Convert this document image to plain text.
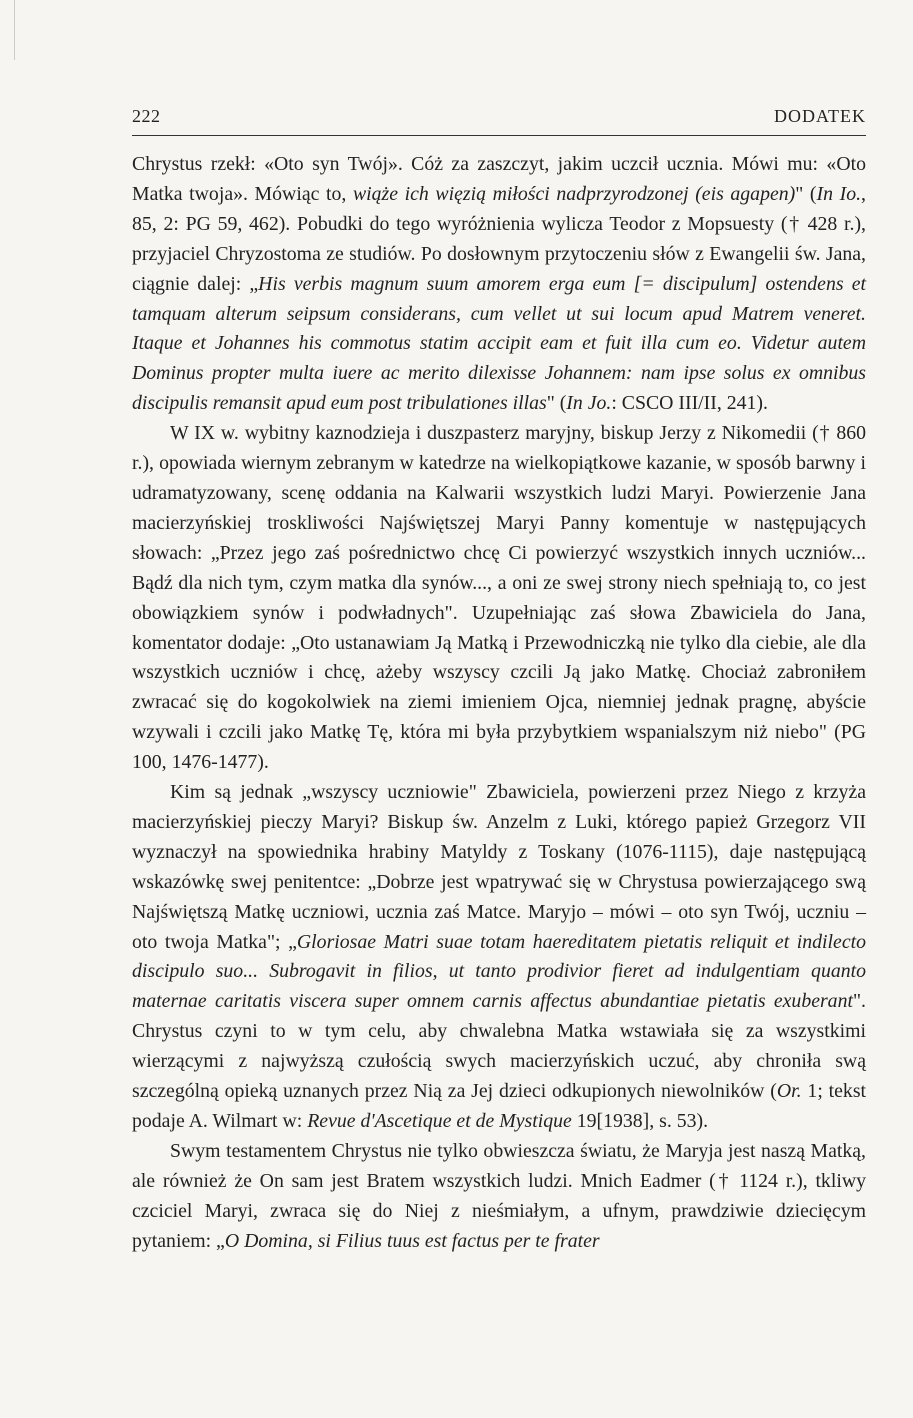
222	DODATEK

Chrystus rzekł: «Oto syn Twój». Cóż za zaszczyt, jakim uczcił ucznia. Mówi mu: «Oto Matka twoja». Mówiąc to, wiąże ich więzią miłości nadprzyrodzonej (eis agapen)" (In Io., 85, 2: PG 59, 462). Pobudki do tego wyróżnienia wylicza Teodor z Mopsuesty († 428 r.), przyjaciel Chryzostoma ze studiów. Po dosłownym przytoczeniu słów z Ewangelii św. Jana, ciągnie dalej: „His verbis magnum suum amorem erga eum [= discipulum] ostendens et tamquam alterum seipsum considerans, cum vellet ut sui locum apud Matrem veneret. Itaque et Johannes his commotus statim accipit eam et fuit illa cum eo. Videtur autem Dominus propter multa iuere ac merito dilexisse Johannem: nam ipse solus ex omnibus discipulis remansit apud eum post tribulationes illas" (In Jo.: CSCO III/II, 241).

W IX w. wybitny kaznodzieja i duszpasterz maryjny, biskup Jerzy z Nikomedii († 860 r.), opowiada wiernym zebranym w katedrze na wielkopiątkowe kazanie, w sposób barwny i udramatyzowany, scenę oddania na Kalwarii wszystkich ludzi Maryi. Powierzenie Jana macierzyńskiej troskliwości Najświętszej Maryi Panny komentuje w następujących słowach: „Przez jego zaś pośrednictwo chcę Ci powierzyć wszystkich innych uczniów... Bądź dla nich tym, czym matka dla synów..., a oni ze swej strony niech spełniają to, co jest obowiązkiem synów i podwładnych". Uzupełniając zaś słowa Zbawiciela do Jana, komentator dodaje: „Oto ustanawiam Ją Matką i Przewodniczką nie tylko dla ciebie, ale dla wszystkich uczniów i chcę, ażeby wszyscy czcili Ją jako Matkę. Chociaż zabroniłem zwracać się do kogokolwiek na ziemi imieniem Ojca, niemniej jednak pragnę, abyście wzywali i czcili jako Matkę Tę, która mi była przybytkiem wspanialszym niż niebo" (PG 100, 1476-1477).

Kim są jednak „wszyscy uczniowie" Zbawiciela, powierzeni przez Niego z krzyża macierzyńskiej pieczy Maryi? Biskup św. Anzelm z Luki, którego papież Grzegorz VII wyznaczył na spowiednika hrabiny Matyldy z Toskany (1076-1115), daje następującą wskazówkę swej penitentce: „Dobrze jest wpatrywać się w Chrystusa powierzającego swą Najświętszą Matkę uczniowi, ucznia zaś Matce. Maryjo – mówi – oto syn Twój, uczniu – oto twoja Matka"; „Gloriosae Matri suae totam haereditatem pietatis reliquit et indilecto discipulo suo... Subrogavit in filios, ut tanto prodivior fieret ad indulgentiam quanto maternae caritatis viscera super omnem carnis affectus abundantiae pietatis exuberant". Chrystus czyni to w tym celu, aby chwalebna Matka wstawiała się za wszystkimi wierzącymi z najwyższą czułością swych macierzyńskich uczuć, aby chroniła swą szczególną opieką uznanych przez Nią za Jej dzieci odkupionych niewolników (Or. 1; tekst podaje A. Wilmart w: Revue d'Ascetique et de Mystique 19[1938], s. 53).

Swym testamentem Chrystus nie tylko obwieszcza światu, że Maryja jest naszą Matką, ale również że On sam jest Bratem wszystkich ludzi. Mnich Eadmer († 1124 r.), tkliwy czciciel Maryi, zwraca się do Niej z nieśmiałym, a ufnym, prawdziwie dziecięcym pytaniem: „O Domina, si Filius tuus est factus per te frater
